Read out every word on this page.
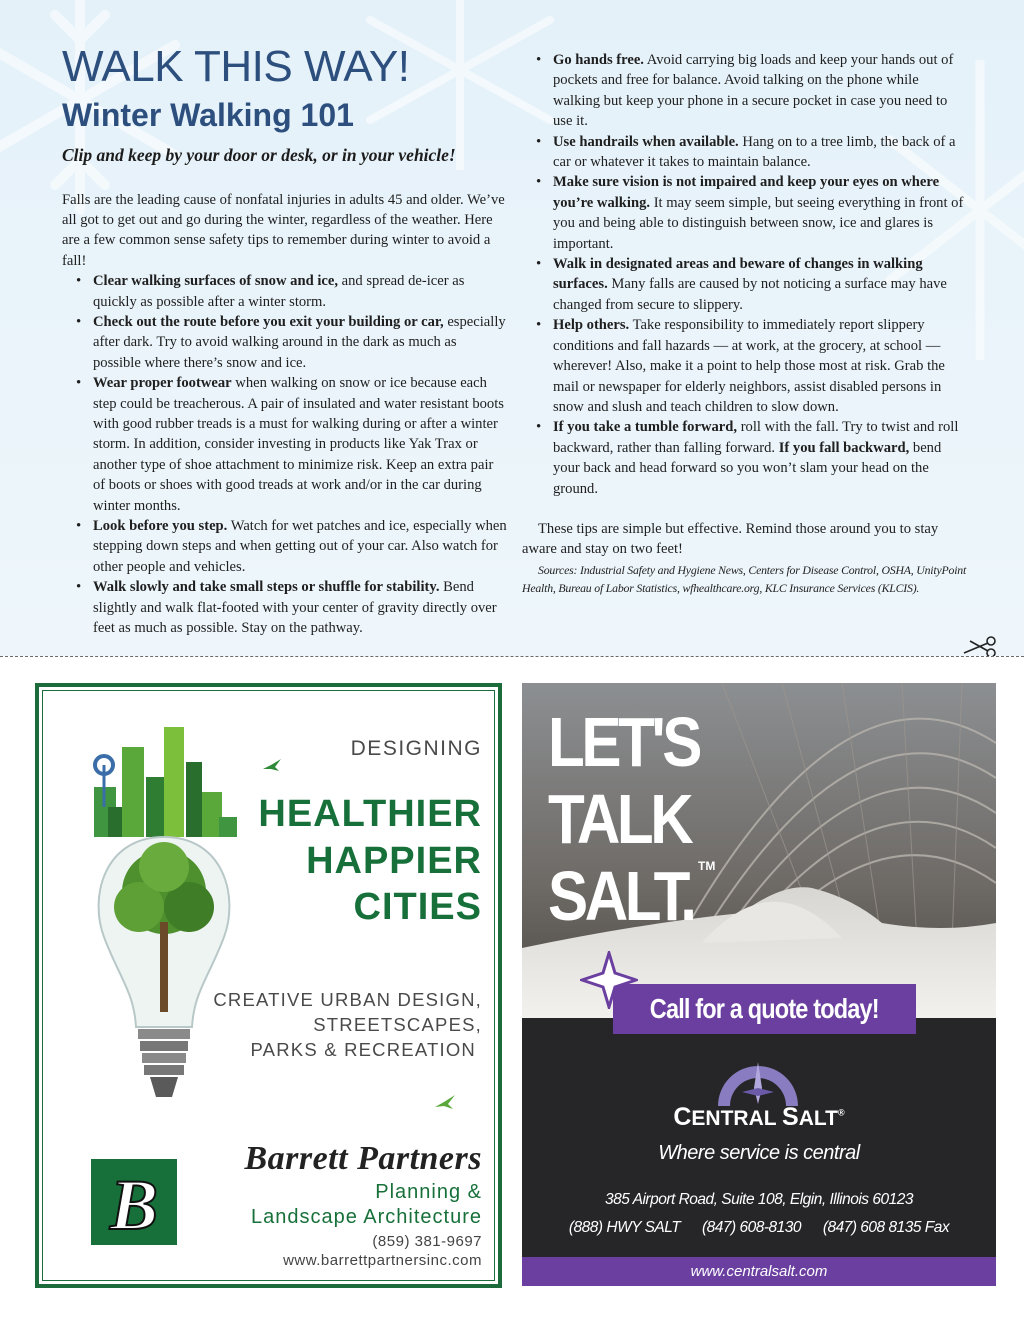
WALK THIS WAY!
Winter Walking 101

Clip and keep by your door or desk, or in your vehicle!

Falls are the leading cause of nonfatal injuries in adults 45 and older. We’ve all got to get out and go during the winter, regardless of the weather. Here are a few common sense safety tips to remember during winter to avoid a fall!

• Clear walking surfaces of snow and ice, and spread de-icer as quickly as possible after a winter storm.
• Check out the route before you exit your building or car, especially after dark. Try to avoid walking around in the dark as much as possible where there’s snow and ice.
• Wear proper footwear when walking on snow or ice because each step could be treacherous. A pair of insulated and water resistant boots with good rubber treads is a must for walking during or after a winter storm. In addition, consider investing in products like Yak Trax or another type of shoe attachment to minimize risk. Keep an extra pair of boots or shoes with good treads at work and/or in the car during winter months.
• Look before you step. Watch for wet patches and ice, especially when stepping down steps and when getting out of your car. Also watch for other people and vehicles.
• Walk slowly and take small steps or shuffle for stability. Bend slightly and walk flat-footed with your center of gravity directly over feet as much as possible. Stay on the pathway.
• Go hands free. Avoid carrying big loads and keep your hands out of pockets and free for balance. Avoid talking on the phone while walking but keep your phone in a secure pocket in case you need to use it.
• Use handrails when available. Hang on to a tree limb, the back of a car or whatever it takes to maintain balance.
• Make sure vision is not impaired and keep your eyes on where you’re walking. It may seem simple, but seeing everything in front of you and being able to distinguish between snow, ice and glares is important.
• Walk in designated areas and beware of changes in walking surfaces. Many falls are caused by not noticing a surface may have changed from secure to slippery.
• Help others. Take responsibility to immediately report slippery conditions and fall hazards — at work, at the grocery, at school — wherever! Also, make it a point to help those most at risk. Grab the mail or newspaper for elderly neighbors, assist disabled persons in snow and slush and teach children to slow down.
• If you take a tumble forward, roll with the fall. Try to twist and roll backward, rather than falling forward. If you fall backward, bend your back and head forward so you won’t slam your head on the ground.

These tips are simple but effective. Remind those around you to stay aware and stay on two feet!

Sources: Industrial Safety and Hygiene News, Centers for Disease Control, OSHA, UnityPoint Health, Bureau of Labor Statistics, wfhealthcare.org, KLC Insurance Services (KLCIS).

DESIGNING
HEALTHIER
HAPPIER
CITIES
CREATIVE URBAN DESIGN,
STREETSCAPES,
PARKS & RECREATION
B
Barrett Partners
Planning &
Landscape Architecture
(859) 381-9697
www.barrettpartnersinc.com
LET'S
TALK
SALT. TM
Call for a quote today!
CENTRAL SALT®
Where service is central
385 Airport Road, Suite 108, Elgin, Illinois 60123
(888) HWY SALT (847) 608-8130 (847) 608 8135 Fax
www.centralsalt.com
